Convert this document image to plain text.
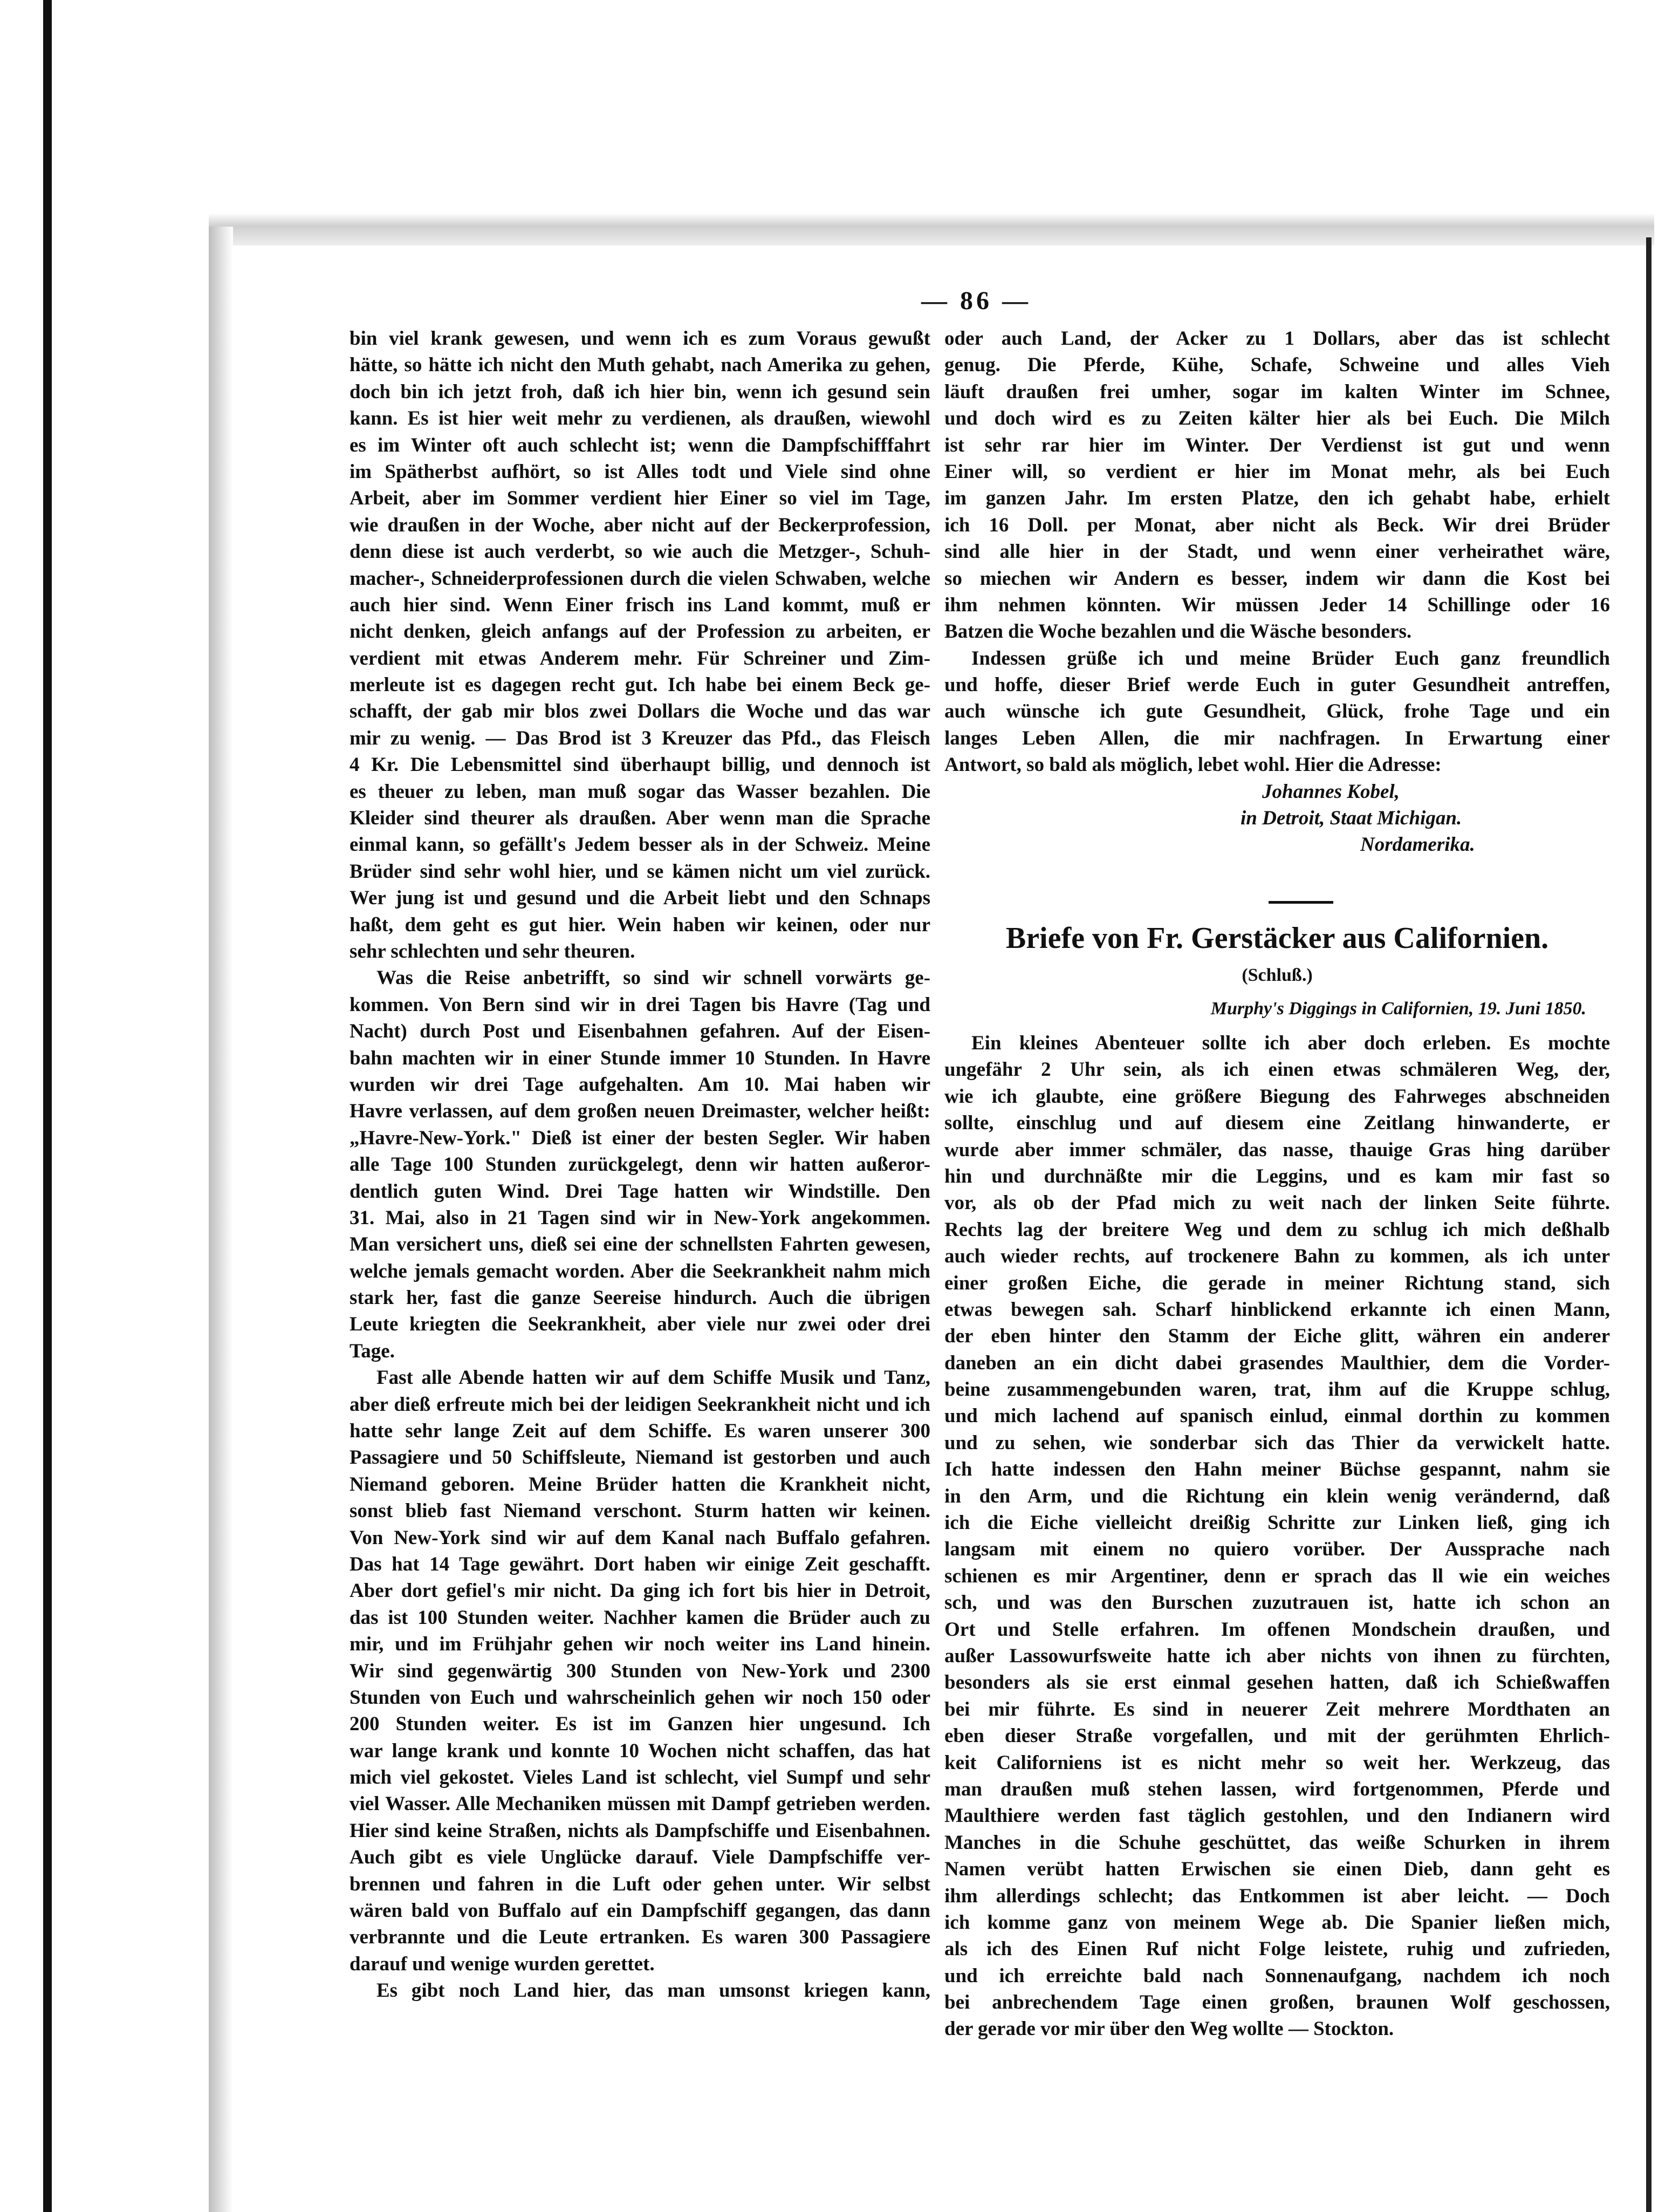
— 86 —
bin viel krank gewesen, und wenn ich es zum Voraus gewußt
hätte, so hätte ich nicht den Muth gehabt, nach Amerika zu gehen,
doch bin ich jetzt froh, daß ich hier bin, wenn ich gesund sein
kann. Es ist hier weit mehr zu verdienen, als draußen, wiewohl
es im Winter oft auch schlecht ist; wenn die Dampfschifffahrt
im Spätherbst aufhört, so ist Alles todt und Viele sind ohne
Arbeit, aber im Sommer verdient hier Einer so viel im Tage,
wie draußen in der Woche, aber nicht auf der Beckerprofession,
denn diese ist auch verderbt, so wie auch die Metzger-, Schuh-
macher-, Schneiderprofessionen durch die vielen Schwaben, welche
auch hier sind. Wenn Einer frisch ins Land kommt, muß er
nicht denken, gleich anfangs auf der Profession zu arbeiten, er
verdient mit etwas Anderem mehr. Für Schreiner und Zim-
merleute ist es dagegen recht gut. Ich habe bei einem Beck ge-
schafft, der gab mir blos zwei Dollars die Woche und das war
mir zu wenig. — Das Brod ist 3 Kreuzer das Pfd., das Fleisch
4 Kr. Die Lebensmittel sind überhaupt billig, und dennoch ist
es theuer zu leben, man muß sogar das Wasser bezahlen. Die
Kleider sind theurer als draußen. Aber wenn man die Sprache
einmal kann, so gefällt's Jedem besser als in der Schweiz. Meine
Brüder sind sehr wohl hier, und se kämen nicht um viel zurück.
Wer jung ist und gesund und die Arbeit liebt und den Schnaps
haßt, dem geht es gut hier. Wein haben wir keinen, oder nur
sehr schlechten und sehr theuren.
Was die Reise anbetrifft, so sind wir schnell vorwärts ge-
kommen. Von Bern sind wir in drei Tagen bis Havre (Tag und
Nacht) durch Post und Eisenbahnen gefahren. Auf der Eisen-
bahn machten wir in einer Stunde immer 10 Stunden. In Havre
wurden wir drei Tage aufgehalten. Am 10. Mai haben wir
Havre verlassen, auf dem großen neuen Dreimaster, welcher heißt:
„Havre-New-York." Dieß ist einer der besten Segler. Wir haben
alle Tage 100 Stunden zurückgelegt, denn wir hatten außeror-
dentlich guten Wind. Drei Tage hatten wir Windstille. Den
31. Mai, also in 21 Tagen sind wir in New-York angekommen.
Man versichert uns, dieß sei eine der schnellsten Fahrten gewesen,
welche jemals gemacht worden. Aber die Seekrankheit nahm mich
stark her, fast die ganze Seereise hindurch. Auch die übrigen
Leute kriegten die Seekrankheit, aber viele nur zwei oder drei
Tage.
Fast alle Abende hatten wir auf dem Schiffe Musik und Tanz,
aber dieß erfreute mich bei der leidigen Seekrankheit nicht und ich
hatte sehr lange Zeit auf dem Schiffe. Es waren unserer 300
Passagiere und 50 Schiffsleute, Niemand ist gestorben und auch
Niemand geboren. Meine Brüder hatten die Krankheit nicht,
sonst blieb fast Niemand verschont. Sturm hatten wir keinen.
Von New-York sind wir auf dem Kanal nach Buffalo gefahren.
Das hat 14 Tage gewährt. Dort haben wir einige Zeit geschafft.
Aber dort gefiel's mir nicht. Da ging ich fort bis hier in Detroit,
das ist 100 Stunden weiter. Nachher kamen die Brüder auch zu
mir, und im Frühjahr gehen wir noch weiter ins Land hinein.
Wir sind gegenwärtig 300 Stunden von New-York und 2300
Stunden von Euch und wahrscheinlich gehen wir noch 150 oder
200 Stunden weiter. Es ist im Ganzen hier ungesund. Ich
war lange krank und konnte 10 Wochen nicht schaffen, das hat
mich viel gekostet. Vieles Land ist schlecht, viel Sumpf und sehr
viel Wasser. Alle Mechaniken müssen mit Dampf getrieben werden.
Hier sind keine Straßen, nichts als Dampfschiffe und Eisenbahnen.
Auch gibt es viele Unglücke darauf. Viele Dampfschiffe ver-
brennen und fahren in die Luft oder gehen unter. Wir selbst
wären bald von Buffalo auf ein Dampfschiff gegangen, das dann
verbrannte und die Leute ertranken. Es waren 300 Passagiere
darauf und wenige wurden gerettet.
Es gibt noch Land hier, das man umsonst kriegen kann,
oder auch Land, der Acker zu 1 Dollars, aber das ist schlecht
genug. Die Pferde, Kühe, Schafe, Schweine und alles Vieh
läuft draußen frei umher, sogar im kalten Winter im Schnee,
und doch wird es zu Zeiten kälter hier als bei Euch. Die Milch
ist sehr rar hier im Winter. Der Verdienst ist gut und wenn
Einer will, so verdient er hier im Monat mehr, als bei Euch
im ganzen Jahr. Im ersten Platze, den ich gehabt habe, erhielt
ich 16 Doll. per Monat, aber nicht als Beck. Wir drei Brüder
sind alle hier in der Stadt, und wenn einer verheirathet wäre,
so miechen wir Andern es besser, indem wir dann die Kost bei
ihm nehmen könnten. Wir müssen Jeder 14 Schillinge oder 16
Batzen die Woche bezahlen und die Wäsche besonders.
Indessen grüße ich und meine Brüder Euch ganz freundlich
und hoffe, dieser Brief werde Euch in guter Gesundheit antreffen,
auch wünsche ich gute Gesundheit, Glück, frohe Tage und ein
langes Leben Allen, die mir nachfragen. In Erwartung einer
Antwort, so bald als möglich, lebet wohl. Hier die Adresse:
Johannes Kobel,
in Detroit, Staat Michigan.
Nordamerika.
Briefe von Fr. Gerstäcker aus Californien.
(Schluß.)
Murphy's Diggings in Californien, 19. Juni 1850.
Ein kleines Abenteuer sollte ich aber doch erleben. Es mochte
ungefähr 2 Uhr sein, als ich einen etwas schmäleren Weg, der,
wie ich glaubte, eine größere Biegung des Fahrweges abschneiden
sollte, einschlug und auf diesem eine Zeitlang hinwanderte, er
wurde aber immer schmäler, das nasse, thauige Gras hing darüber
hin und durchnäßte mir die Leggins, und es kam mir fast so
vor, als ob der Pfad mich zu weit nach der linken Seite führte.
Rechts lag der breitere Weg und dem zu schlug ich mich deßhalb
auch wieder rechts, auf trockenere Bahn zu kommen, als ich unter
einer großen Eiche, die gerade in meiner Richtung stand, sich
etwas bewegen sah. Scharf hinblickend erkannte ich einen Mann,
der eben hinter den Stamm der Eiche glitt, währen ein anderer
daneben an ein dicht dabei grasendes Maulthier, dem die Vorder-
beine zusammengebunden waren, trat, ihm auf die Kruppe schlug,
und mich lachend auf spanisch einlud, einmal dorthin zu kommen
und zu sehen, wie sonderbar sich das Thier da verwickelt hatte.
Ich hatte indessen den Hahn meiner Büchse gespannt, nahm sie
in den Arm, und die Richtung ein klein wenig verändernd, daß
ich die Eiche vielleicht dreißig Schritte zur Linken ließ, ging ich
langsam mit einem no quiero vorüber. Der Aussprache nach
schienen es mir Argentiner, denn er sprach das ll wie ein weiches
sch, und was den Burschen zuzutrauen ist, hatte ich schon an
Ort und Stelle erfahren. Im offenen Mondschein draußen, und
außer Lassowurfsweite hatte ich aber nichts von ihnen zu fürchten,
besonders als sie erst einmal gesehen hatten, daß ich Schießwaffen
bei mir führte. Es sind in neuerer Zeit mehrere Mordthaten an
eben dieser Straße vorgefallen, und mit der gerühmten Ehrlich-
keit Californiens ist es nicht mehr so weit her. Werkzeug, das
man draußen muß stehen lassen, wird fortgenommen, Pferde und
Maulthiere werden fast täglich gestohlen, und den Indianern wird
Manches in die Schuhe geschüttet, das weiße Schurken in ihrem
Namen verübt hatten Erwischen sie einen Dieb, dann geht es
ihm allerdings schlecht; das Entkommen ist aber leicht. — Doch
ich komme ganz von meinem Wege ab. Die Spanier ließen mich,
als ich des Einen Ruf nicht Folge leistete, ruhig und zufrieden,
und ich erreichte bald nach Sonnenaufgang, nachdem ich noch
bei anbrechendem Tage einen großen, braunen Wolf geschossen,
der gerade vor mir über den Weg wollte — Stockton.
